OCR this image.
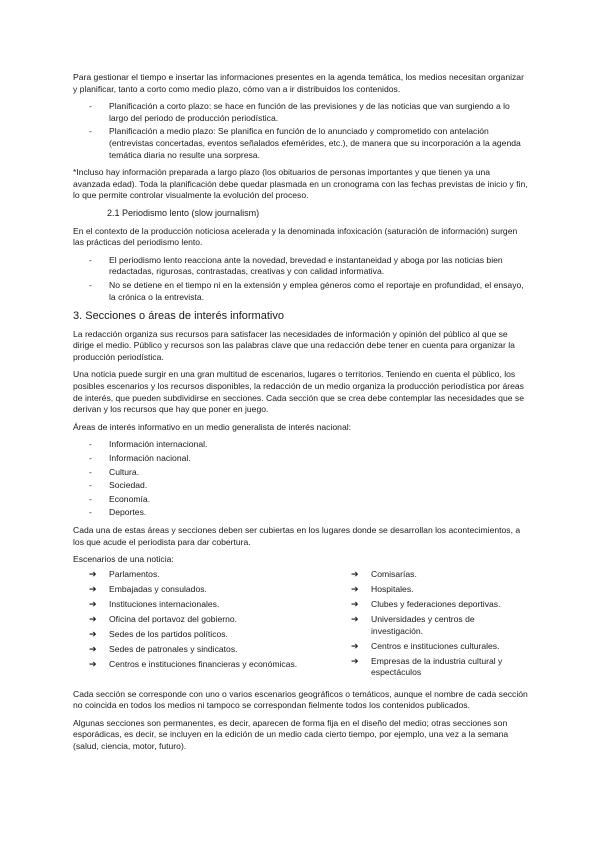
Para gestionar el tiempo e insertar las informaciones presentes en la agenda temática, los medios necesitan organizar y planificar, tanto a corto como medio plazo, cómo van a ir distribuidos los contenidos.

- Planificación a corto plazo: se hace en función de las previsiones y de las noticias que van surgiendo a lo largo del periodo de producción periodística.
- Planificación a medio plazo: Se planifica en función de lo anunciado y comprometido con antelación (entrevistas concertadas, eventos señalados efemérides, etc.), de manera que su incorporación a la agenda temática diaria no resulte una sorpresa.

*Incluso hay información preparada a largo plazo (los obituarios de personas importantes y que tienen ya una avanzada edad). Toda la planificación debe quedar plasmada en un cronograma con las fechas previstas de inicio y fin, lo que permite controlar visualmente la evolución del proceso.

2.1 Periodismo lento (slow journalism)

En el contexto de la producción noticiosa acelerada y la denominada infoxicación (saturación de información) surgen las prácticas del periodismo lento.

- El periodismo lento reacciona ante la novedad, brevedad e instantaneidad y aboga por las noticias bien redactadas, rigurosas, contrastadas, creativas y con calidad informativa.
- No se detiene en el tiempo ni en la extensión y emplea géneros como el reportaje en profundidad, el ensayo, la crónica o la entrevista.
3. Secciones o áreas de interés informativo

La redacción organiza sus recursos para satisfacer las necesidades de información y opinión del público al que se dirige el medio. Público y recursos son las palabras clave que una redacción debe tener en cuenta para organizar la producción periodística.

Una noticia puede surgir en una gran multitud de escenarios, lugares o territorios. Teniendo en cuenta el público, los posibles escenarios y los recursos disponibles, la redacción de un medio organiza la producción periodística por áreas de interés, que pueden subdividirse en secciones. Cada sección que se crea debe contemplar las necesidades que se derivan y los recursos que hay que poner en juego.

Áreas de interés informativo en un medio generalista de interés nacional:

- Información internacional.
- Información nacional.
- Cultura.
- Sociedad.
- Economía.
- Deportes.

Cada una de estas áreas y secciones deben ser cubiertas en los lugares donde se desarrollan los acontecimientos, a los que acude el periodista para dar cobertura.

Escenarios de una noticia:

➔ Parlamentos.
➔ Embajadas y consulados.
➔ Instituciones internacionales.
➔ Oficina del portavoz del gobierno.
➔ Sedes de los partidos políticos.
➔ Sedes de patronales y sindicatos.
➔ Centros e instituciones financieras y económicas.
➔ Comisarías.
➔ Hospitales.
➔ Clubes y federaciones deportivas.
➔ Universidades y centros de investigación.
➔ Centros e instituciones culturales.
➔ Empresas de la industria cultural y espectáculos

Cada sección se corresponde con uno o varios escenarios geográficos o temáticos, aunque el nombre de cada sección no coincida en todos los medios ni tampoco se correspondan fielmente todos los contenidos publicados.

Algunas secciones son permanentes, es decir, aparecen de forma fija en el diseño del medio; otras secciones son esporádicas, es decir, se incluyen en la edición de un medio cada cierto tiempo, por ejemplo, una vez a la semana (salud, ciencia, motor, futuro).
